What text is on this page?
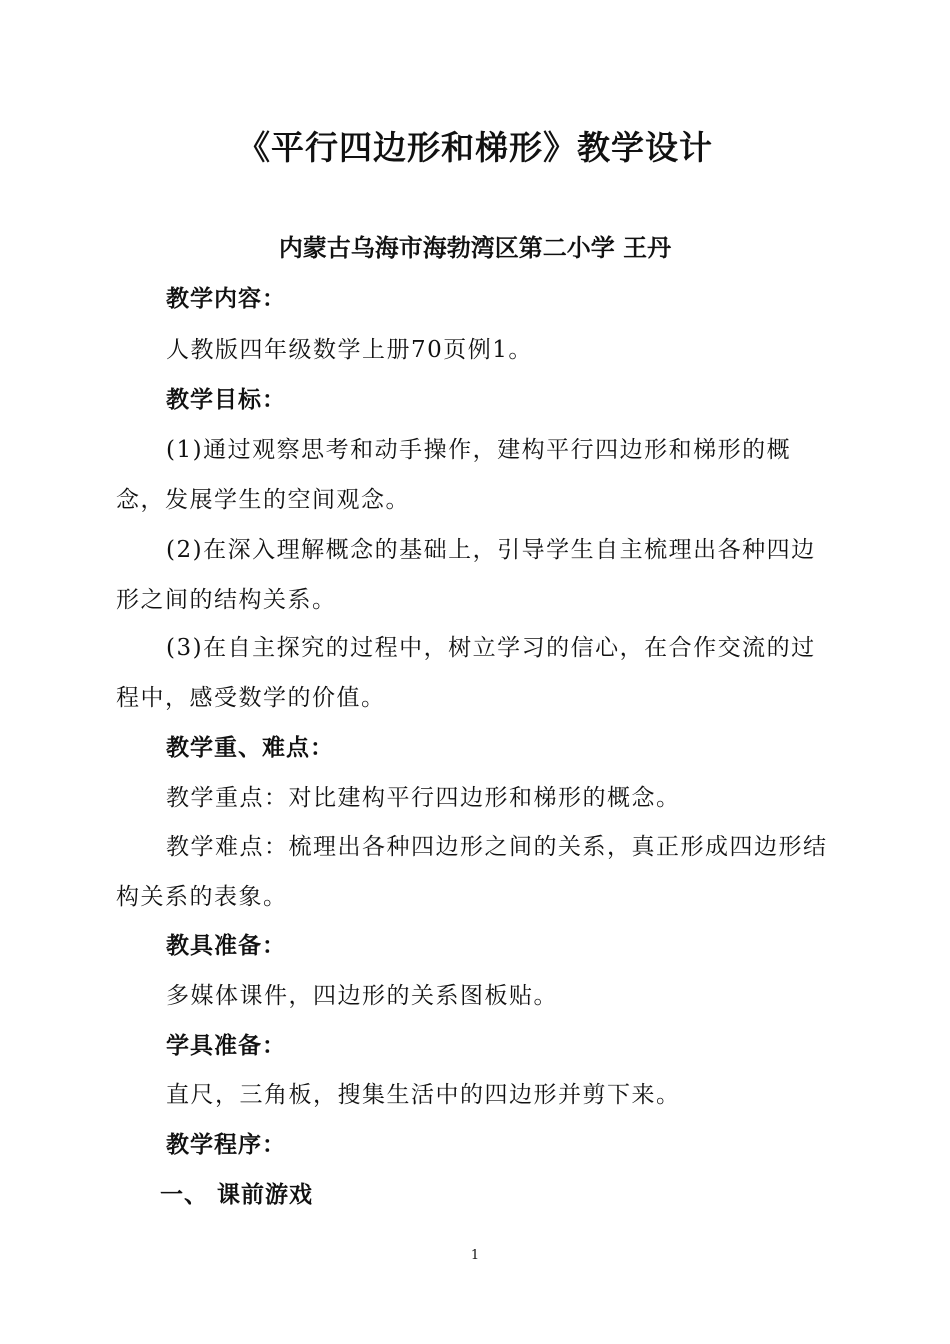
《平行四边形和梯形》教学设计
内蒙古乌海市海勃湾区第二小学 王丹
教学内容：

人教版四年级数学上册70页例1。

教学目标：

(1)通过观察思考和动手操作，建构平行四边形和梯形的概念，发展学生的空间观念。

(2)在深入理解概念的基础上，引导学生自主梳理出各种四边形之间的结构关系。

(3)在自主探究的过程中，树立学习的信心，在合作交流的过程中，感受数学的价值。

教学重、难点：

教学重点：对比建构平行四边形和梯形的概念。

教学难点：梳理出各种四边形之间的关系，真正形成四边形结构关系的表象。

教具准备：

多媒体课件，四边形的关系图板贴。

学具准备：

直尺，三角板，搜集生活中的四边形并剪下来。

教学程序：
一、 课前游戏
1
